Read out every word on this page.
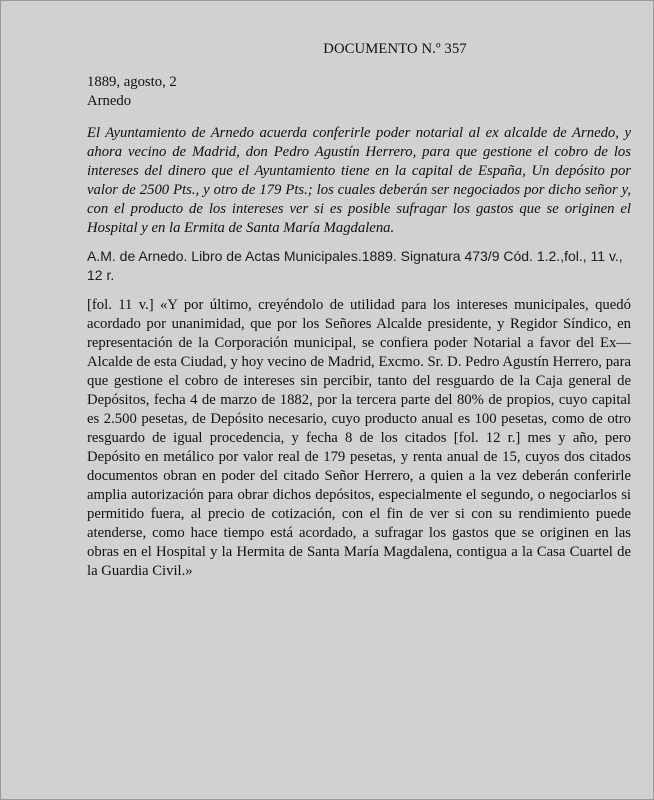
DOCUMENTO N.º 357
1889, agosto, 2
Arnedo

El Ayuntamiento de Arnedo acuerda conferirle poder notarial al ex alcalde de Arnedo, y ahora vecino de Madrid, don Pedro Agustín Herrero, para que gestione el cobro de los intereses del dinero que el Ayuntamiento tiene en la capital de España, Un depósito por valor de 2500 Pts., y otro de 179 Pts.; los cuales deberán ser negociados por dicho señor y, con el producto de los intereses ver si es posible sufragar los gastos que se originen el Hospital y en la Ermita de Santa María Magdalena.

A.M. de Arnedo. Libro de Actas Municipales.1889. Signatura 473/9 Cód. 1.2.,fol., 11 v., 12 r.

[fol. 11 v.] «Y por último, creyéndolo de utilidad para los intereses municipales, quedó acordado por unanimidad, que por los Señores Alcalde presidente, y Regidor Síndico, en representación de la Corporación municipal, se confiera poder Notarial a favor del Ex—Alcalde de esta Ciudad, y hoy vecino de Madrid, Excmo. Sr. D. Pedro Agustín Herrero, para que gestione el cobro de intereses sin percibir, tanto del resguardo de la Caja general de Depósitos, fecha 4 de marzo de 1882, por la tercera parte del 80% de propios, cuyo capital es 2.500 pesetas, de Depósito necesario, cuyo producto anual es 100 pesetas, como de otro resguardo de igual procedencia, y fecha 8 de los citados [fol. 12 r.] mes y año, pero Depósito en metálico por valor real de 179 pesetas, y renta anual de 15, cuyos dos citados documentos obran en poder del citado Señor Herrero, a quien a la vez deberán conferirle amplia autorización para obrar dichos depósitos, especialmente el segundo, o negociarlos si permitido fuera, al precio de cotización, con el fin de ver si con su rendimiento puede atenderse, como hace tiempo está acordado, a sufragar los gastos que se originen en las obras en el Hospital y la Hermita de Santa María Magdalena, contigua a la Casa Cuartel de la Guardia Civil.»
